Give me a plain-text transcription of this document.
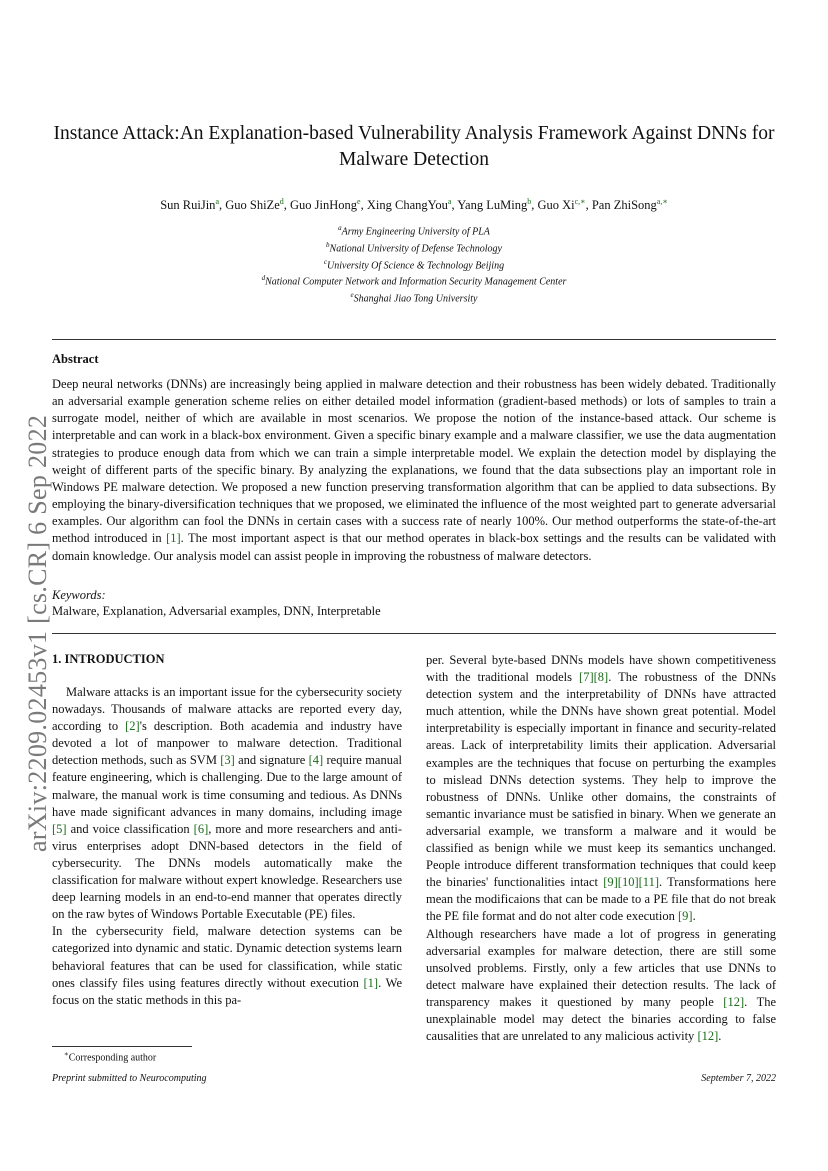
arXiv:2209.02453v1 [cs.CR] 6 Sep 2022
Instance Attack:An Explanation-based Vulnerability Analysis Framework Against DNNs for Malware Detection
Sun RuiJin$^a$, Guo ShiZe$^d$, Guo JinHong$^e$, Xing ChangYou$^a$, Yang LuMing$^b$, Guo $Xi^{c,∗}$, Pan ZhiSong$^{a,∗}$
$^a$Army Engineering University of PLA
$^b$National University of Defense Technology
$^c$University Of Science & Technology Beijing
$^d$National Computer Network and Information Security Management Center
$^e$Shanghai Jiao Tong University
Abstract
Deep neural networks (DNNs) are increasingly being applied in malware detection and their robustness has been widely debated. Traditionally an adversarial example generation scheme relies on either detailed model information (gradient-based methods) or lots of samples to train a surrogate model, neither of which are available in most scenarios. We propose the notion of the instance-based attack. Our scheme is interpretable and can work in a black-box environment. Given a specific binary example and a malware classifier, we use the data augmentation strategies to produce enough data from which we can train a simple interpretable model. We explain the detection model by displaying the weight of different parts of the specific binary. By analyzing the explanations, we found that the data subsections play an important role in Windows PE malware detection. We proposed a new function preserving transformation algorithm that can be applied to data subsections. By employing the binary-diversification techniques that we proposed, we eliminated the influence of the most weighted part to generate adversarial examples. Our algorithm can fool the DNNs in certain cases with a success rate of nearly 100%. Our method outperforms the state-of-the-art method introduced in [1]. The most important aspect is that our method operates in black-box settings and the results can be validated with domain knowledge. Our analysis model can assist people in improving the robustness of malware detectors.
Keywords:
Malware, Explanation, Adversarial examples, DNN, Interpretable
1. INTRODUCTION

Malware attacks is an important issue for the cybersecurity society nowadays. Thousands of malware attacks are reported every day, according to [2]'s description. Both academia and industry have devoted a lot of manpower to malware detection. Traditional detection methods, such as SVM [3] and signature [4] require manual feature engineering, which is challenging. Due to the large amount of malware, the manual work is time consuming and tedious. As DNNs have made significant advances in many domains, including image [5] and voice classification [6], more and more researchers and anti-virus enterprises adopt DNN-based detectors in the field of cybersecurity. The DNNs models automatically make the classification for malware without expert knowledge. Researchers use deep learning models in an end-to-end manner that operates directly on the raw bytes of Windows Portable Executable (PE) files.

In the cybersecurity field, malware detection systems can be categorized into dynamic and static. Dynamic detection systems learn behavioral features that can be used for classification, while static ones classify files using features directly without execution [1]. We focus on the static methods in this pa-

per. Several byte-based DNNs models have shown competitiveness with the traditional models [7][8]. The robustness of the DNNs detection system and the interpretability of DNNs have attracted much attention, while the DNNs have shown great potential. Model interpretability is especially important in finance and security-related areas. Lack of interpretability limits their application. Adversarial examples are the techniques that focuse on perturbing the examples to mislead DNNs detection systems. They help to improve the robustness of DNNs. Unlike other domains, the constraints of semantic invariance must be satisfied in binary. When we generate an adversarial example, we transform a malware and it would be classified as benign while we must keep its semantics unchanged. People introduce different transformation techniques that could keep the binaries' functionalities intact [9][10][11]. Transformations here mean the modificaions that can be made to a PE file that do not break the PE file format and do not alter code execution [9].

Although researchers have made a lot of progress in generating adversarial examples for malware detection, there are still some unsolved problems. Firstly, only a few articles that use DNNs to detect malware have explained their detection results. The lack of transparency makes it questioned by many people [12]. The unexplainable model may detect the binaries according to false causalities that are unrelated to any malicious activity [12].

∗Corresponding author
Preprint submitted to Neurocomputing	September 7, 2022
